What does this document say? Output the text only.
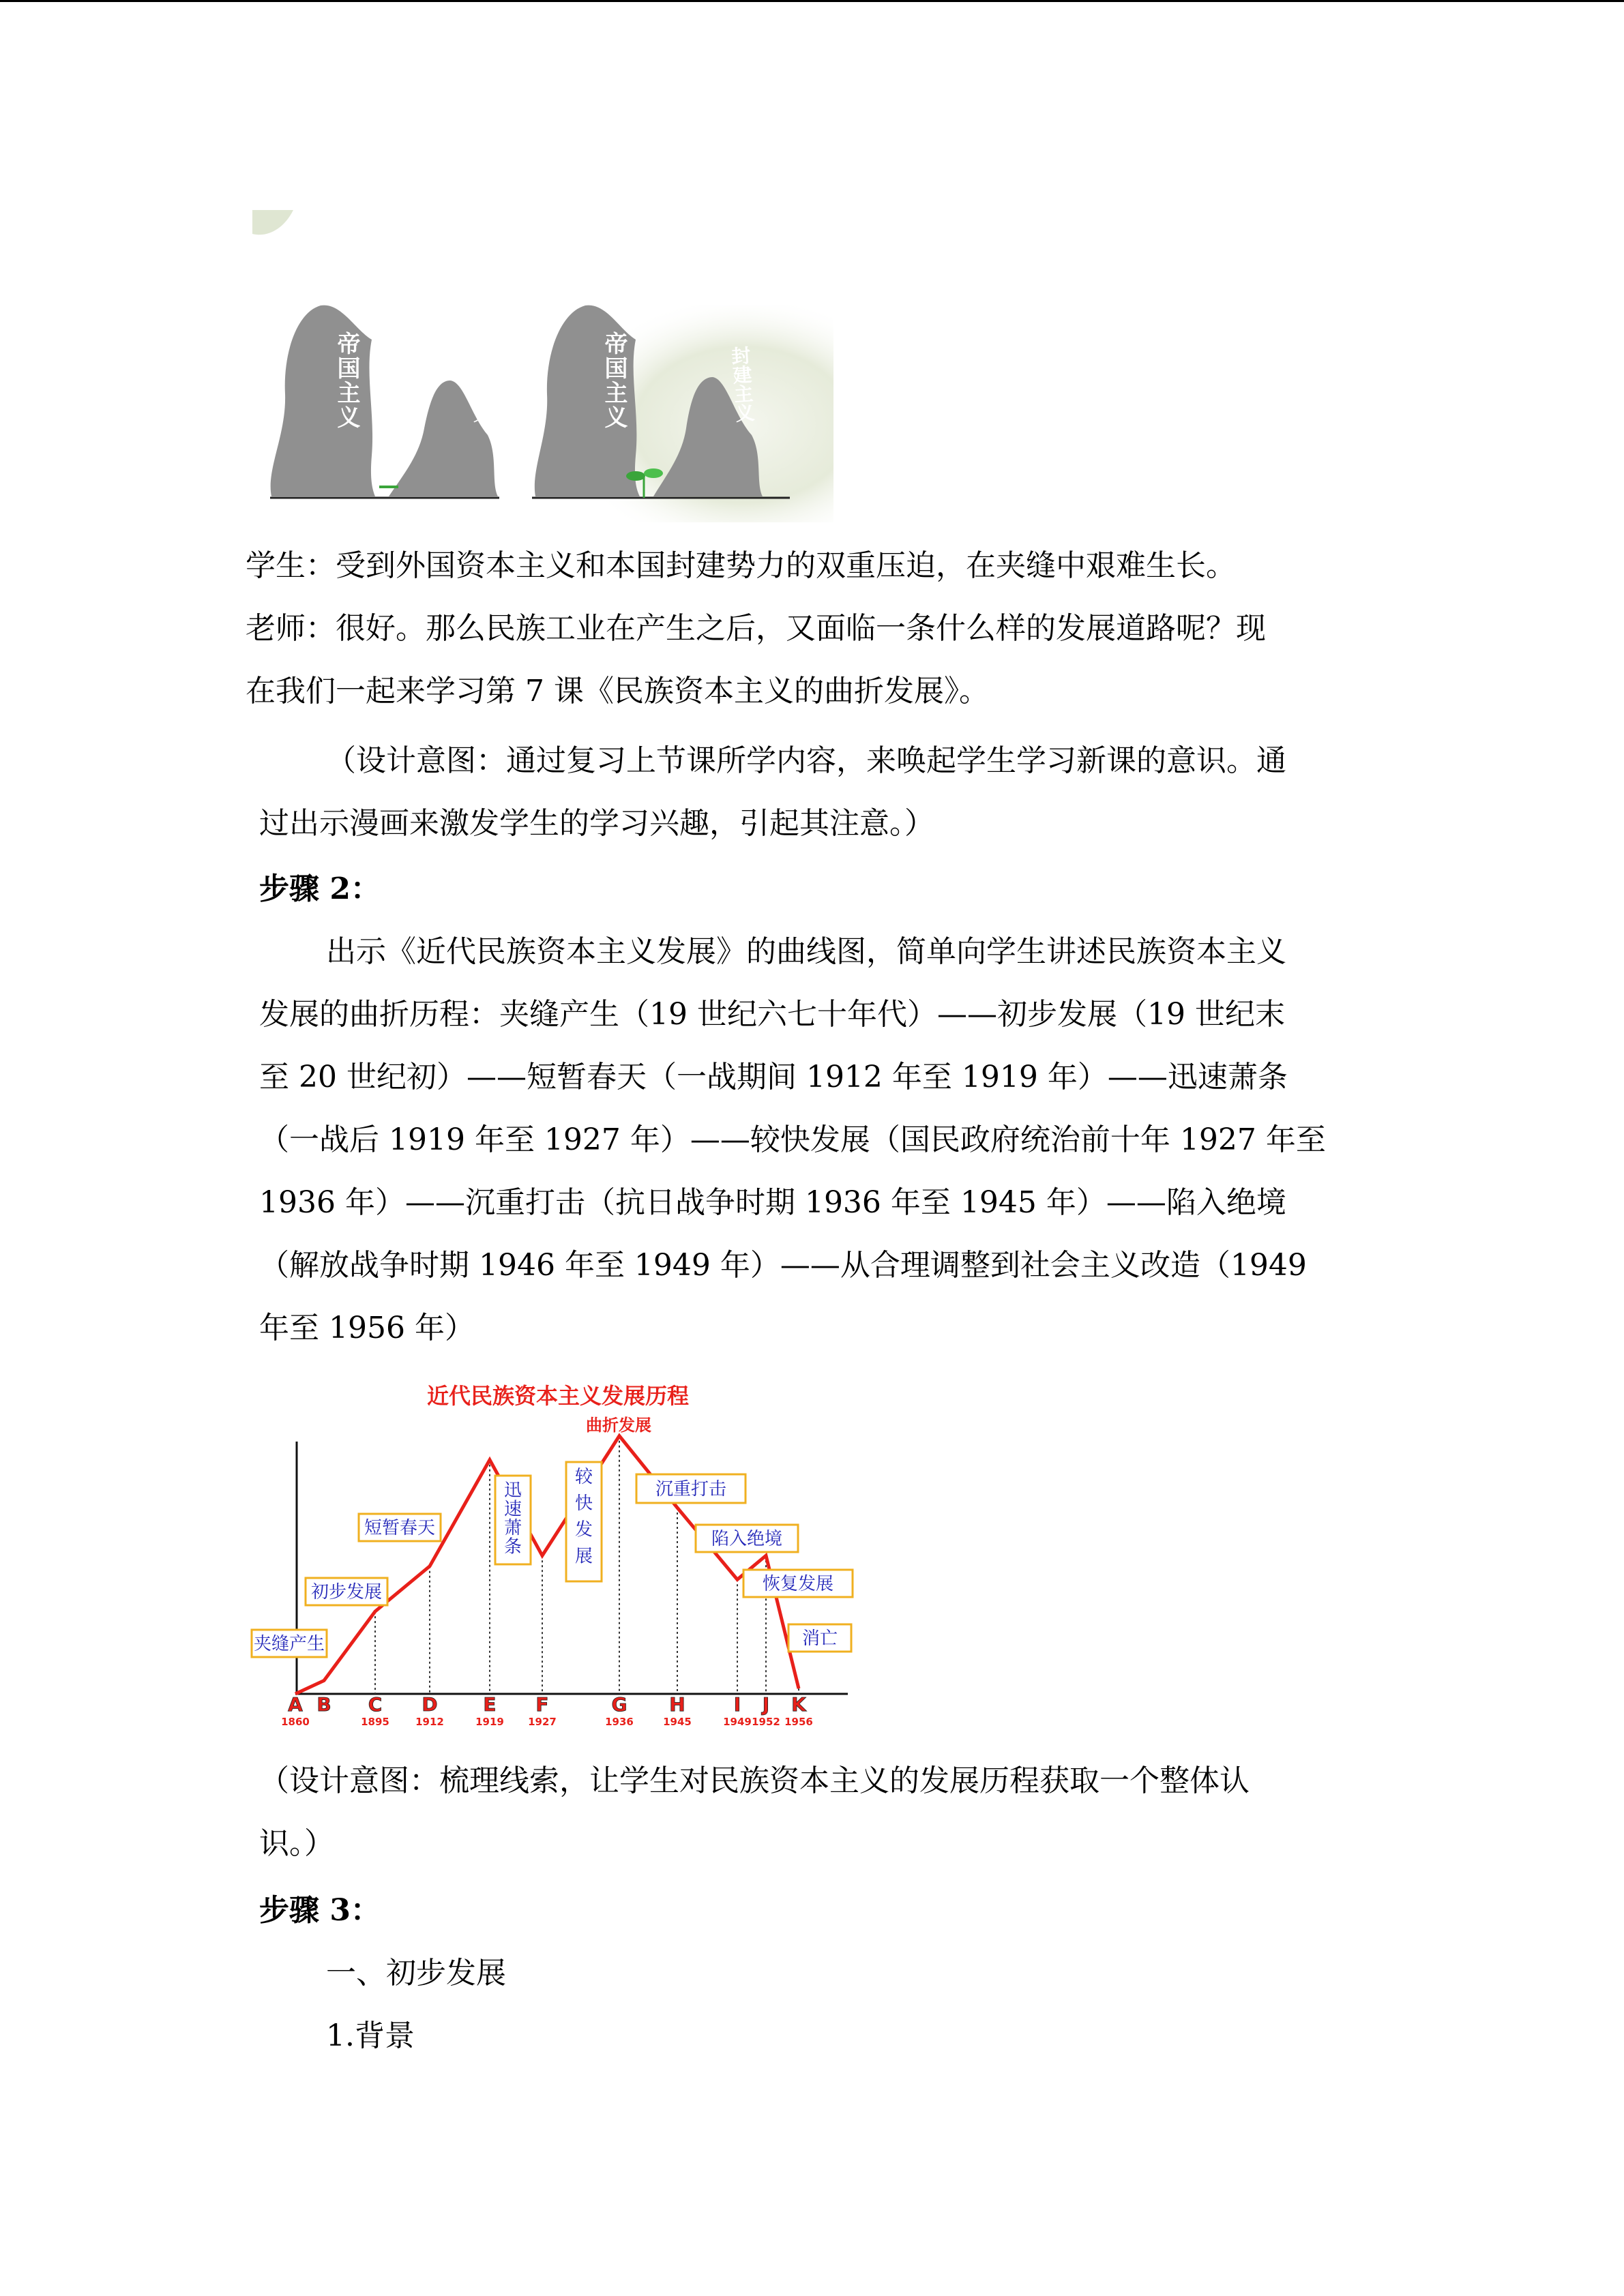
帝国主义	封建主义	帝国主义	封建主义
学生：受到外国资本主义和本国封建势力的双重压迫，在夹缝中艰难生长。
老师：很好。那么民族工业在产生之后，又面临一条什么样的发展道路呢？现
在我们一起来学习第 7 课《民族资本主义的曲折发展》。
（设计意图：通过复习上节课所学内容，来唤起学生学习新课的意识。通
过出示漫画来激发学生的学习兴趣，引起其注意。）
步骤 2：
出示《近代民族资本主义发展》的曲线图，简单向学生讲述民族资本主义
发展的曲折历程：夹缝产生（19 世纪六七十年代）——初步发展（19 世纪末
至 20 世纪初）——短暂春天（一战期间 1912 年至 1919 年）——迅速萧条
（一战后 1919 年至 1927 年）——较快发展（国民政府统治前十年 1927 年至
1936 年）——沉重打击（抗日战争时期 1936 年至 1945 年）——陷入绝境
（解放战争时期 1946 年至 1949 年）——从合理调整到社会主义改造（1949
年至 1956 年）
近代民族资本主义发展历程
曲折发展
A B C D E F	G H	I J K
1860	1895	1912	1919 1927	1936	1945	1949 1952 1956
夹缝产生
初步发展
短暂春天
迅
速
萧
条
较
快
发
展
沉重打击
陷入绝境
恢复发展
消亡
（设计意图：梳理线索，让学生对民族资本主义的发展历程获取一个整体认
识。）
步骤 3：
一、初步发展
1.背景
